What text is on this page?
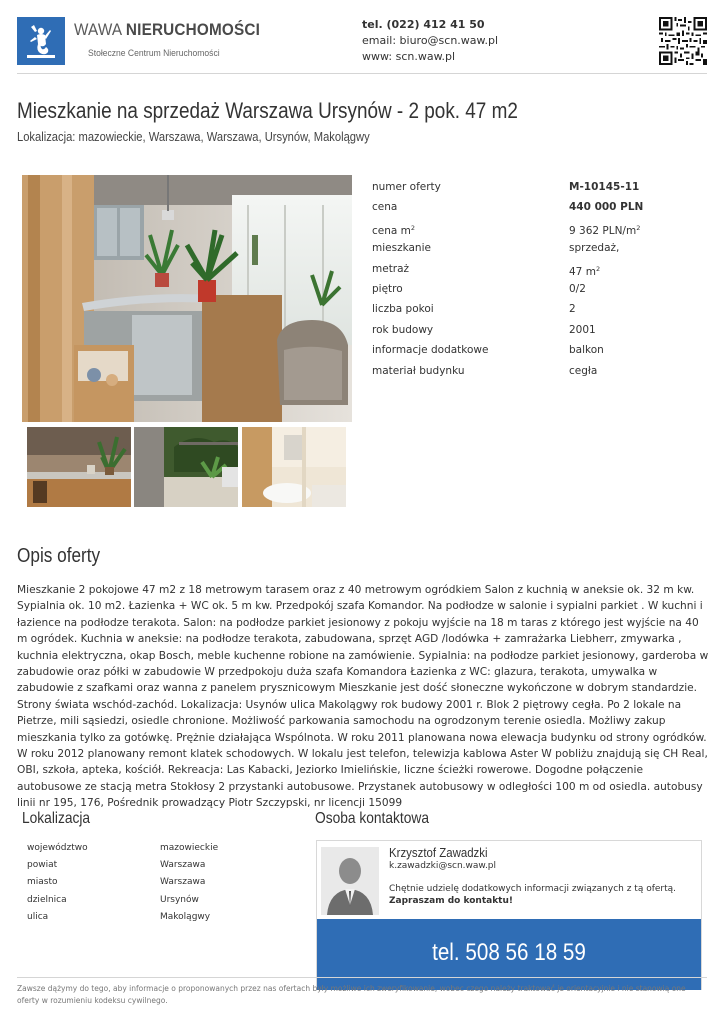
WAWA NIERUCHOMOŚCI
Stołeczne Centrum Nieruchomości
tel. (022) 412 41 50
email: biuro@scn.waw.pl
www: scn.waw.pl
Mieszkanie na sprzedaż Warszawa Ursynów - 2 pok. 47 m2
Lokalizacja: mazowieckie, Warszawa, Warszawa, Ursynów, Makolągwy
numer oferty	M-10145-11
cena	440 000 PLN
cena $m^2$	9 362 PLN/$m^2$
mieszkanie	sprzedaż,
metraż	47 $m^2$
piętro	0/2
liczba pokoi	2
rok budowy	2001
informacje dodatkowe	balkon
materiał budynku	cegła
Opis oferty
Mieszkanie 2 pokojowe 47 m2 z 18 metrowym tarasem oraz z 40 metrowym ogródkiem Salon z kuchnią w aneksie ok. 32 m kw. Sypialnia ok. 10 m2. Łazienka + WC ok. 5 m kw. Przedpokój szafa Komandor. Na podłodze w salonie i sypialni parkiet . W kuchni i łazience na podłodze terakota. Salon: na podłodze parkiet jesionowy z pokoju wyjście na 18 m taras z którego jest wyjście na 40 m ogródek. Kuchnia w aneksie: na podłodze terakota, zabudowana, sprzęt AGD /lodówka + zamrażarka Liebherr, zmywarka , kuchnia elektryczna, okap Bosch, meble kuchenne robione na zamówienie. Sypialnia: na podłodze parkiet jesionowy, garderoba w zabudowie oraz półki w zabudowie W przedpokoju duża szafa Komandora Łazienka z WC: glazura, terakota, umywalka w zabudowie z szafkami oraz wanna z panelem prysznicowym Mieszkanie jest dość słoneczne wykończone w dobrym standardzie. Strony świata wschód-zachód. Lokalizacja: Usynów ulica Makolągwy rok budowy 2001 r. Blok 2 piętrowy cegła. Po 2 lokale na Pietrze, mili sąsiedzi, osiedle chronione. Możliwość parkowania samochodu na ogrodzonym terenie osiedla. Możliwy zakup mieszkania tylko za gotówkę. Prężnie działająca Wspólnota. W roku 2011 planowana nowa elewacja budynku od strony ogródków. W roku 2012 planowany remont klatek schodowych. W lokalu jest telefon, telewizja kablowa Aster W pobliżu znajdują się CH Real, OBI, szkoła, apteka, kościół. Rekreacja: Las Kabacki, Jeziorko Imielińskie, liczne ścieżki rowerowe. Dogodne połączenie autobusowe ze stacją metra Stokłosy 2 przystanki autobusowe. Przystanek autobusowy w odległości 100 m od osiedla. autobusy linii nr 195, 176, Pośrednik prowadzący Piotr Szczypski, nr licencji 15099
Lokalizacja
województwo	mazowieckie
powiat	Warszawa
miasto	Warszawa
dzielnica	Ursynów
ulica	Makolągwy
Osoba kontaktowa
Krzysztof Zawadzki
k.zawadzki@scn.waw.pl
Chętnie udzielę dodatkowych informacji związanych z tą ofertą.
Zapraszam do kontaktu!
tel. 508 56 18 59
Zawsze dążymy do tego, aby informacje o proponowanych przez nas ofertach były możliwe ich zweryfikowanie, wobec czego należy traktować je orientacyjnie i nie stanowią one oferty w rozumieniu kodeksu cywilnego.
